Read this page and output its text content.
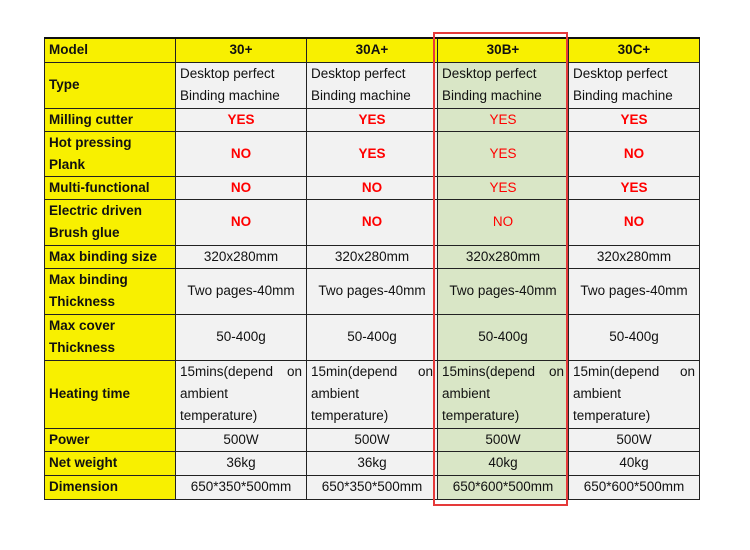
Model	30+	30A+	30B+	30C+
Type	Desktop perfect Binding machine	Desktop perfect Binding machine	Desktop perfect Binding machine	Desktop perfect Binding machine
Milling cutter	YES	YES	YES	YES
Hot pressing Plank	NO	YES	YES	NO
Multi-functional	NO	NO	YES	YES
Electric driven Brush glue	NO	NO	NO	NO
Max binding size	320x280mm	320x280mm	320x280mm	320x280mm
Max binding Thickness	Two pages-40mm	Two pages-40mm	Two pages-40mm	Two pages-40mm
Max cover Thickness	50-400g	50-400g	50-400g	50-400g
Heating time	15mins(depend on ambient temperature)	15min(depend on ambient temperature)	15mins(depend on ambient temperature)	15min(depend on ambient temperature)
Power	500W	500W	500W	500W
Net weight	36kg	36kg	40kg	40kg
Dimension	650*350*500mm	650*350*500mm	650*600*500mm	650*600*500mm
